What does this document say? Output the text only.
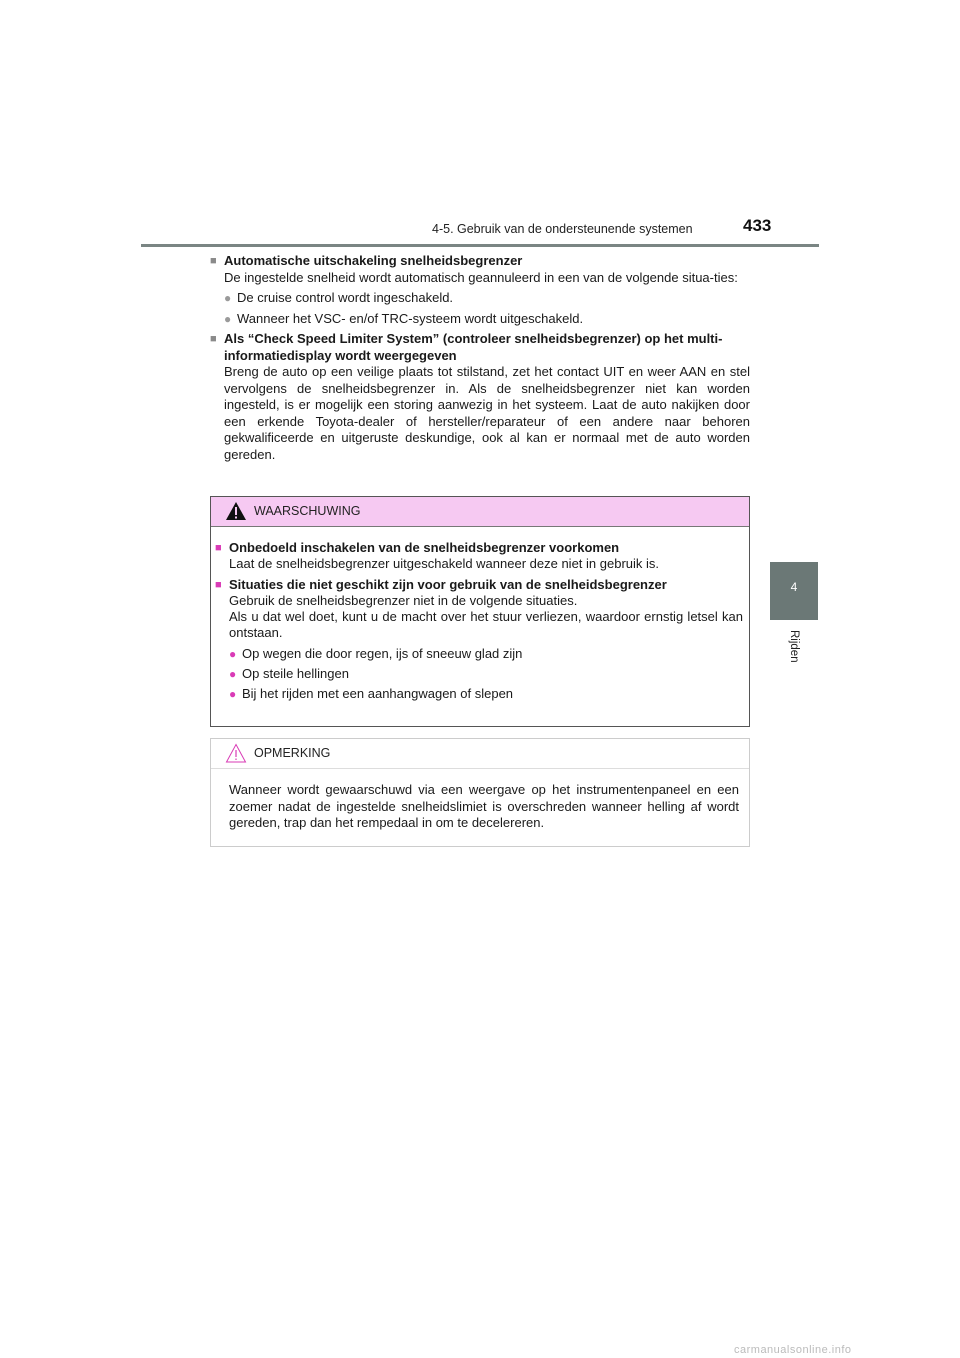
4-5. Gebruik van de ondersteunende systemen	433
4
Rijden
■ Automatische uitschakeling snelheidsbegrenzer
De ingestelde snelheid wordt automatisch geannuleerd in een van de volgende situa-ties:
● De cruise control wordt ingeschakeld.
● Wanneer het VSC- en/of TRC-systeem wordt uitgeschakeld.
■ Als “Check Speed Limiter System” (controleer snelheidsbegrenzer) op het multi-informatiedisplay wordt weergegeven
Breng de auto op een veilige plaats tot stilstand, zet het contact UIT en weer AAN en stel vervolgens de snelheidsbegrenzer in. Als de snelheidsbegrenzer niet kan worden ingesteld, is er mogelijk een storing aanwezig in het systeem. Laat de auto nakijken door een erkende Toyota-dealer of hersteller/reparateur of een andere naar behoren gekwalificeerde en uitgeruste deskundige, ook al kan er normaal met de auto worden gereden.
WAARSCHUWING
■ Onbedoeld inschakelen van de snelheidsbegrenzer voorkomen
Laat de snelheidsbegrenzer uitgeschakeld wanneer deze niet in gebruik is.
■ Situaties die niet geschikt zijn voor gebruik van de snelheidsbegrenzer
Gebruik de snelheidsbegrenzer niet in de volgende situaties.
Als u dat wel doet, kunt u de macht over het stuur verliezen, waardoor ernstig letsel kan ontstaan.
● Op wegen die door regen, ijs of sneeuw glad zijn
● Op steile hellingen
● Bij het rijden met een aanhangwagen of slepen
OPMERKING
Wanneer wordt gewaarschuwd via een weergave op het instrumentenpaneel en een zoemer nadat de ingestelde snelheidslimiet is overschreden wanneer helling af wordt gereden, trap dan het rempedaal in om te decelereren.
carmanualsonline.info
